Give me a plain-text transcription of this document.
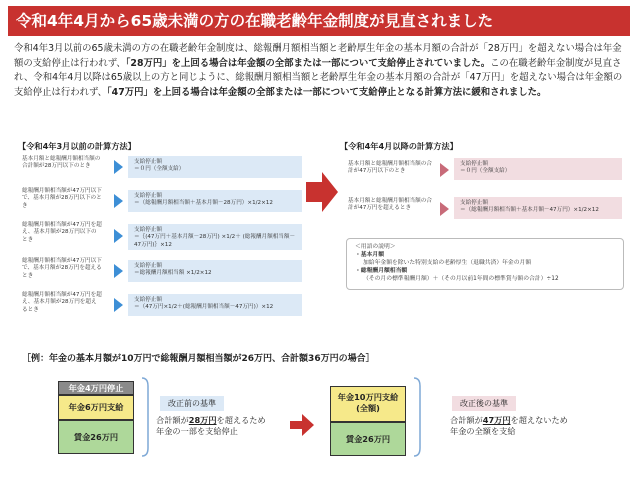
令和4年4月から65歳未満の方の在職老齢年金制度が見直されました
令和4年3月以前の65歳未満の方の在職老齢年金制度は、総報酬月額相当額と老齢厚生年金の基本月額の合計が「28万円」を超えない場合は年金額の支給停止は行われず、「28万円」を上回る場合は年金額の全部または一部について支給停止されていました。この在職老齢年金制度が見直され、令和4年4月以降は65歳以上の方と同じように、総報酬月額相当額と老齢厚生年金の基本月額の合計が「47万円」を超えない場合は年金額の支給停止は行われず、「47万円」を上回る場合は年金額の全部または一部について支給停止となる計算方法に緩和されました。
【令和4年3月以前の計算方法】
基本月額と総報酬月額相当額の合計額が28万円以下のとき
支給停止額
＝０円（全額支給）
総報酬月額相当額が47万円以下で、基本月額が28万円以下のとき
支給停止額
＝（総報酬月額相当額＋基本月額－28万円）×1/2×12
総報酬月額相当額が47万円を超え、基本月額が28万円以下のとき
支給停止額
＝｛(47万円＋基本月額－28万円) ×1/2＋ (総報酬月額相当額－47万円)｝×12
総報酬月額相当額が47万円以下で、基本月額が28万円を超えるとき
支給停止額
＝総報酬月額相当額 ×1/2×12
総報酬月額相当額が47万円を超え、基本月額が28万円を超えるとき
支給停止額
＝（47万円×1/2＋(総報酬月額相当額－47万円)）×12
【令和4年4月以降の計算方法】
基本月額と総報酬月額相当額の合計が47万円以下のとき
支給停止額
＝０円（全額支給）
基本月額と総報酬月額相当額の合計が47万円を超えるとき
支給停止額
＝（総報酬月額相当額＋基本月額－47万円）×1/2×12
＜用語の説明＞
・基本月額
加給年金額を除いた特別支給の老齢厚生（退職共済）年金の月額
・総報酬月額相当額
（その月の標準報酬月額）＋（その月以前1年間の標準賞与額の合計）÷12
［例：年金の基本月額が10万円で総報酬月額相当額が26万円、合計額36万円の場合］
年金4万円停止
年金6万円支給
賃金26万円
改正前の基準
合計額が28万円を超えるため
年金の一部を支給停止
年金10万円支給
(全額)
賃金26万円
改正後の基準
合計額が47万円を超えないため
年金の全額を支給
